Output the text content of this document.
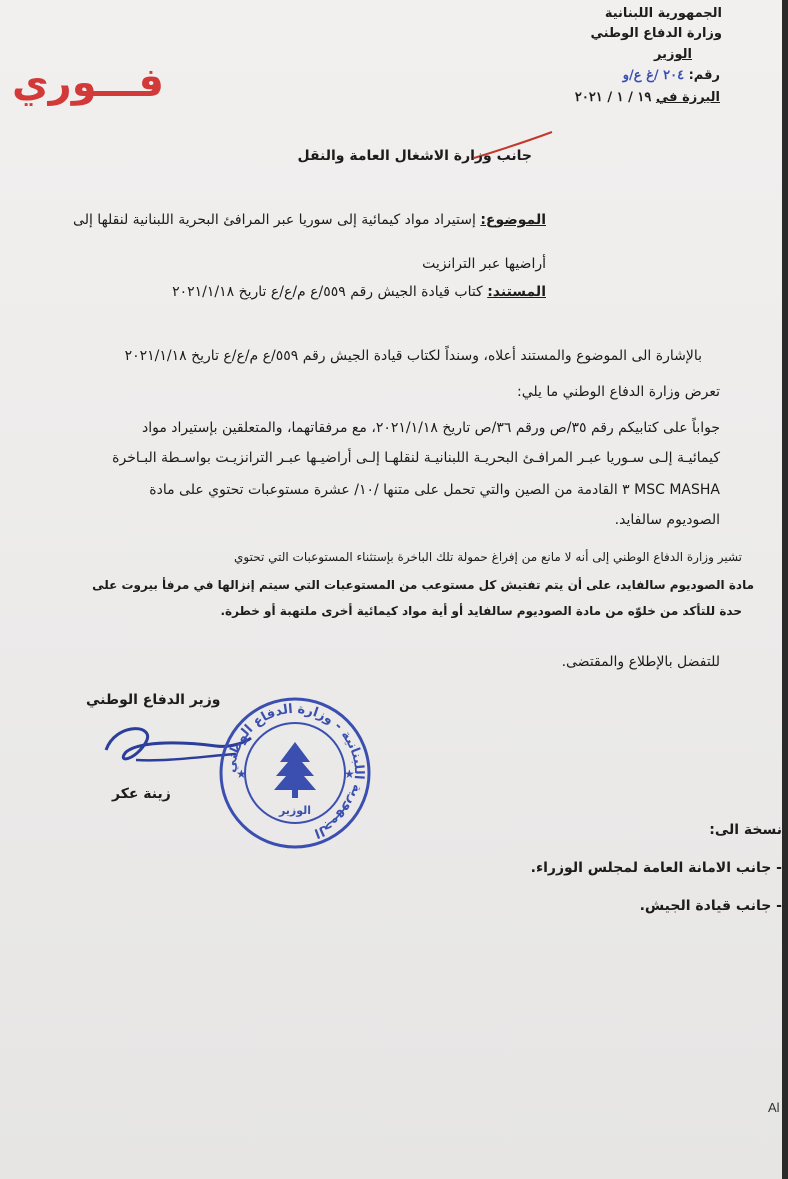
الجمهورية اللبنانية
وزارة الدفاع الوطني
الوزير
رقم: ٢٠٤ /غ ع/و
اليرزة في ١٩ / ١ / ٢٠٢١
فـــوري
جانب وزارة الاشغال العامة والنقل
الموضوع: إستيراد مواد كيمائية إلى سوريا عبر المرافئ البحرية اللبنانية لنقلها إلى
أراضيها عبر الترانزيت
المستند: كتاب قيادة الجيش رقم ٥٥٩/ع م/ع/ع تاريخ ٢٠٢١/١/١٨
بالإشارة الى الموضوع والمستند أعلاه، وسنداً لكتاب قيادة الجيش رقم ٥٥٩/ع م/ع/ع تاريخ ٢٠٢١/١/١٨
تعرض وزارة الدفاع الوطني ما يلي:
جواباً على كتابيكم رقم ٣٥/ص ورقم ٣٦/ص تاريخ ٢٠٢١/١/١٨، مع مرفقاتهما، والمتعلقين بإستيراد مواد
كيمائيـة إلـى سـوريا عبـر المرافـئ البحريـة اللبنانيـة لنقلهـا إلـى أراضيـها عبـر الترانزيـت بواسـطة البـاخرة
MSC MASHA ٣ القادمة من الصين والتي تحمل على متنها /١٠/ عشرة مستوعبات تحتوي على مادة
الصوديوم سالفايد.
تشير وزارة الدفاع الوطني إلى أنه لا مانع من إفراغ حمولة تلك الباخرة بإستثناء المستوعبات التي تحتوي
مادة الصوديوم سالفايد، على أن يتم تفتيش كل مستوعب من المستوعبات التي سيتم إنزالها في مرفأ بيروت على
حدة للتأكد من خلوّه من مادة الصوديوم سالفايد أو أية مواد كيمائية أخرى ملتهبة أو خطرة.
للتفضل بالإطلاع والمقتضى.
وزير الدفاع الوطني
زينة عكر
الجمهورية اللبنانية - وزارة الدفاع الوطني
الوزير
★	★
نسخة الى:
- جانب الامانة العامة لمجلس الوزراء.
- جانب قيادة الجيش.
Al
